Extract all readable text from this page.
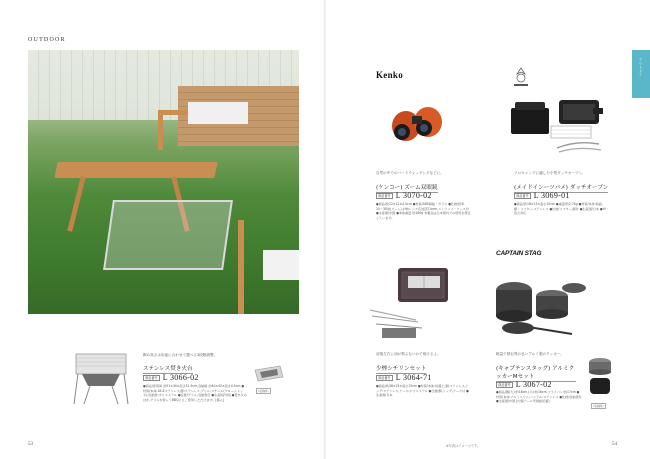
OUTDOOR
脚の高さは用途に合わせて選べる3段階調整。
ステンレス焚き火台
商品番号 L 3066-02
●商品/使用時 約51×34×高さ31.5cm,収納時 約40×42×高さ4.5cm ●材質/本体:18-8ステンレス,脚:ステンレス,グリル:スチール(クロームメッキ),収納袋:ポリエステル ●仕様/グリル,収納袋付 ●生産国/中国 ●焚き火のほか,グリルを使ってBBQにもご使用いただけます。[箱入]
(収納時)
Kenko
自然の中でのバードウォッチングなどに。
(ケンコー) ズーム双眼鏡
商品番号 L 3070-02
●商品/約12×12×4.5cm ●材質/ABS樹脂・ガラス ●仕様/倍率10〜30倍(ズーム),対物レンズ有効径21mm,ストラップ・ケース付 ●生産国/中国 ●本体重量 約160g 本製品は日本国内での使用を想定しています。
ソロキャンプに適した小型ダッチオーブン。
(メイドインーツバメ) ダッチオーブン
商品番号 L 3069-01
●商品/約18×13×高さ10cm ●重量/約2.7kg ●材質/本体:鋳鉄,網・リフター:ステンレス ●仕様/リフター,網付 ●生産国/日本 ●IH・直火対応
前後左右に油が飛ぶないので焼けるよ。
少煙シチリンセット
商品番号 L 3064-71
●商品/約38×25×高さ15cm ●材質/本体:珪藻土,網:ステンレス,トング:ステンレス,ケース:ポリエステル ●仕様/網,トング,ケース付 ●生産国/日本
CAPTAIN STAG
軽量で熱伝導の良いアルミ製のクッカー。
(キャプテンスタッグ) アルミクッカーMセット
商品番号 L 3067-02
●商品/鍋(大):約18cm,(小):約16cm,フライパン:約17cm ●材質/本体:アルミニウム,ハンドル:ステンレス ●仕様/収納袋付 ●生産国/中国 [内箱テール実価格記載]
(収納時)
アウトドア
53	※写真はイメージです。	54
